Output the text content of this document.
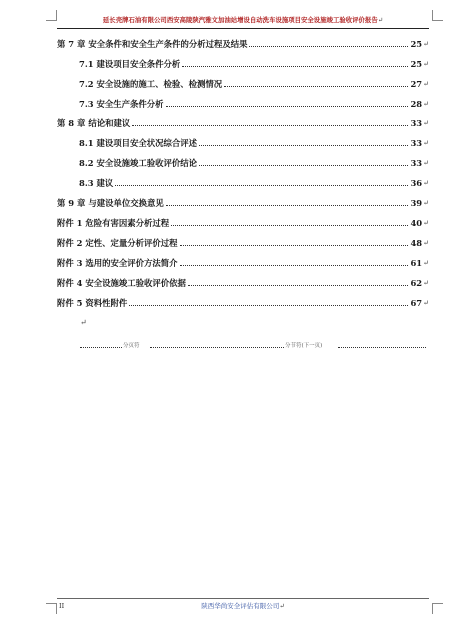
延长壳牌石油有限公司西安高陵陕汽雅文加油站增设自动洗车设施项目安全设施竣工验收评价报告↵
第 7 章 安全条件和安全生产条件的分析过程及结果	25 ↵
7.1 建设项目安全条件分析	25 ↵
7.2 安全设施的施工、检验、检测情况	27 ↵
7.3 安全生产条件分析	28 ↵
第 8 章 结论和建议	33 ↵
8.1 建设项目安全状况综合评述	33 ↵
8.2 安全设施竣工验收评价结论	33 ↵
8.3 建议	36 ↵
第 9 章 与建设单位交换意见	39 ↵
附件 1 危险有害因素分析过程	40 ↵
附件 2 定性、定量分析评价过程	48 ↵
附件 3 选用的安全评价方法简介	61 ↵
附件 4 安全设施竣工验收评价依据	62 ↵
附件 5 资料性附件	67 ↵
↵
分页符	分节符(下一页)
II	陕西华尚安全评估有限公司↵
